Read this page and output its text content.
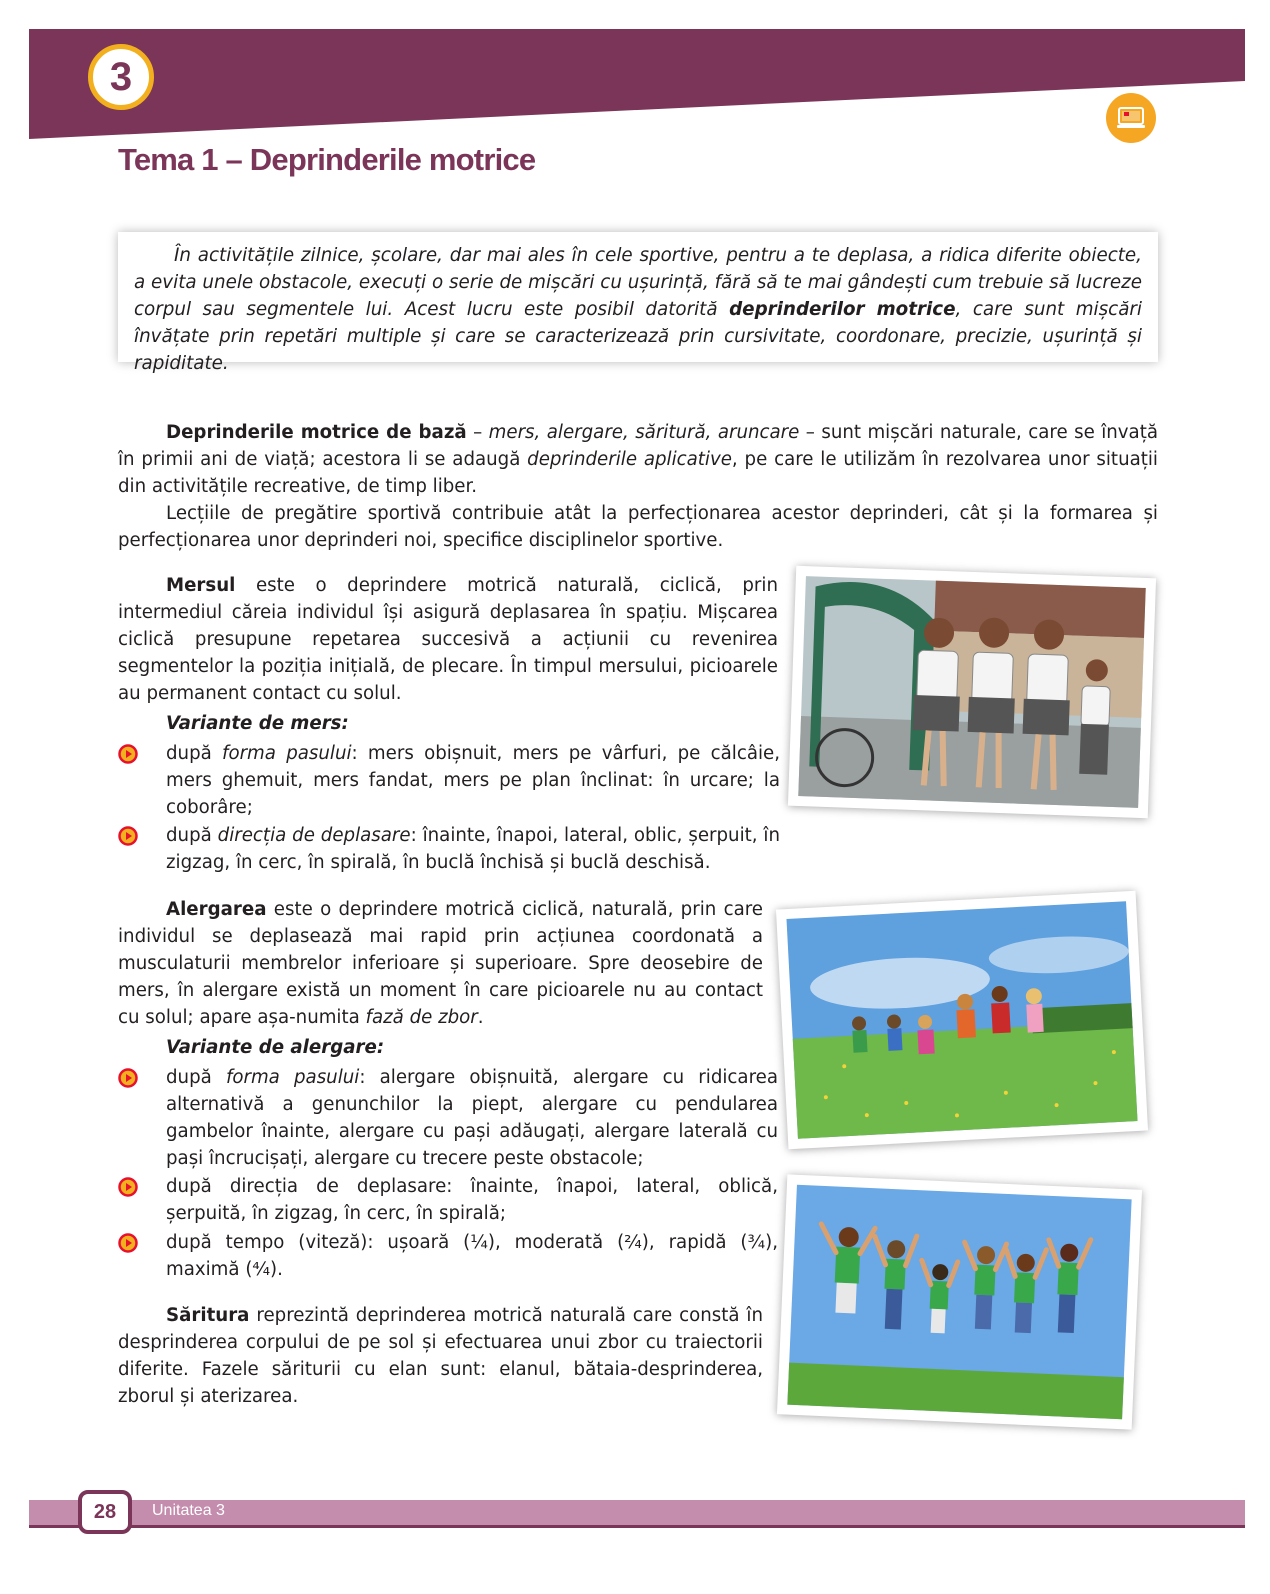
3
Tema 1 – Deprinderile motrice
În activitățile zilnice, școlare, dar mai ales în cele sportive, pentru a te deplasa, a ridica diferite obiecte, a evita unele obstacole, execuți o serie de mișcări cu ușurință, fără să te mai gândești cum trebuie să lucreze corpul sau segmentele lui. Acest lucru este posibil datorită deprinderilor motrice, care sunt mișcări învățate prin repetări multiple și care se caracterizează prin cursivitate, coordonare, precizie, ușurință și rapiditate.

Deprinderile motrice de bază – mers, alergare, săritură, aruncare – sunt mișcări naturale, care se învață în primii ani de viață; acestora li se adaugă deprinderile aplicative, pe care le utilizăm în rezolvarea unor situații din activitățile recreative, de timp liber.

Lecțiile de pregătire sportivă contribuie atât la perfecționarea acestor deprinderi, cât și la formarea și perfecționarea unor deprinderi noi, specifice disciplinelor sportive.

Mersul este o deprindere motrică naturală, ciclică, prin intermediul căreia individul își asigură deplasarea în spațiu. Mișcarea ciclică presupune repetarea succesivă a acțiunii cu revenirea segmentelor la poziția inițială, de plecare. În timpul mersului, picioarele au permanent contact cu solul.

Variante de mers:
după forma pasului: mers obișnuit, mers pe vârfuri, pe călcâie, mers ghemuit, mers fandat, mers pe plan înclinat: în urcare; la coborâre;
după direcția de deplasare: înainte, înapoi, lateral, oblic, șerpuit, în zigzag, în cerc, în spirală, în buclă închisă și buclă deschisă.

Alergarea este o deprindere motrică ciclică, naturală, prin care individul se deplasează mai rapid prin acțiunea coordonată a musculaturii membrelor inferioare și superioare. Spre deosebire de mers, în alergare există un moment în care picioarele nu au contact cu solul; apare așa-numita fază de zbor.

Variante de alergare:
după forma pasului: alergare obișnuită, alergare cu ridicarea alternativă a genunchilor la piept, alergare cu pendularea gambelor înainte, alergare cu pași adăugați, alergare laterală cu pași încrucișați, alergare cu trecere peste obstacole;
după direcția de deplasare: înainte, înapoi, lateral, oblică, șerpuită, în zigzag, în cerc, în spirală;
după tempo (viteză): ușoară (¼), moderată (²⁄₄), rapidă (¾), maximă (⁴⁄₄).

Săritura reprezintă deprinderea motrică naturală care constă în desprinderea corpului de pe sol și efectuarea unui zbor cu traiectorii diferite. Fazele săriturii cu elan sunt: elanul, bătaia-desprinderea, zborul și aterizarea.

Unitatea 3
28
